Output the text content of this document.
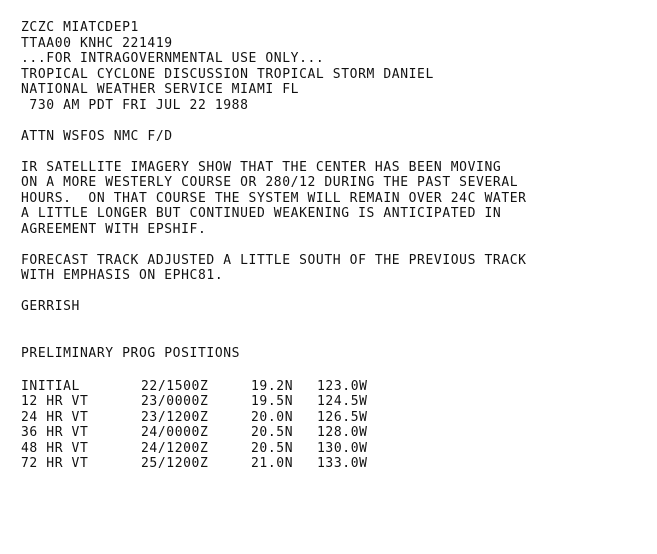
ZCZC MIATCDEP1
TTAA00 KNHC 221419
...FOR INTRAGOVERNMENTAL USE ONLY...
TROPICAL CYCLONE DISCUSSION TROPICAL STORM DANIEL
NATIONAL WEATHER SERVICE MIAMI FL
730 AM PDT FRI JUL 22 1988
ATTN WSFOS NMC F/D
IR SATELLITE IMAGERY SHOW THAT THE CENTER HAS BEEN MOVING
ON A MORE WESTERLY COURSE OR 280/12 DURING THE PAST SEVERAL
HOURS.  ON THAT COURSE THE SYSTEM WILL REMAIN OVER 24C WATER
A LITTLE LONGER BUT CONTINUED WEAKENING IS ANTICIPATED IN
AGREEMENT WITH EPSHIF.
FORECAST TRACK ADJUSTED A LITTLE SOUTH OF THE PREVIOUS TRACK
WITH EMPHASIS ON EPHC81.
GERRISH
PRELIMINARY PROG POSITIONS
INITIAL	22/1500Z	19.2N	123.0W
12 HR VT	23/0000Z	19.5N	124.5W
24 HR VT	23/1200Z	20.0N	126.5W
36 HR VT	24/0000Z	20.5N	128.0W
48 HR VT	24/1200Z	20.5N	130.0W
72 HR VT	25/1200Z	21.0N	133.0W
